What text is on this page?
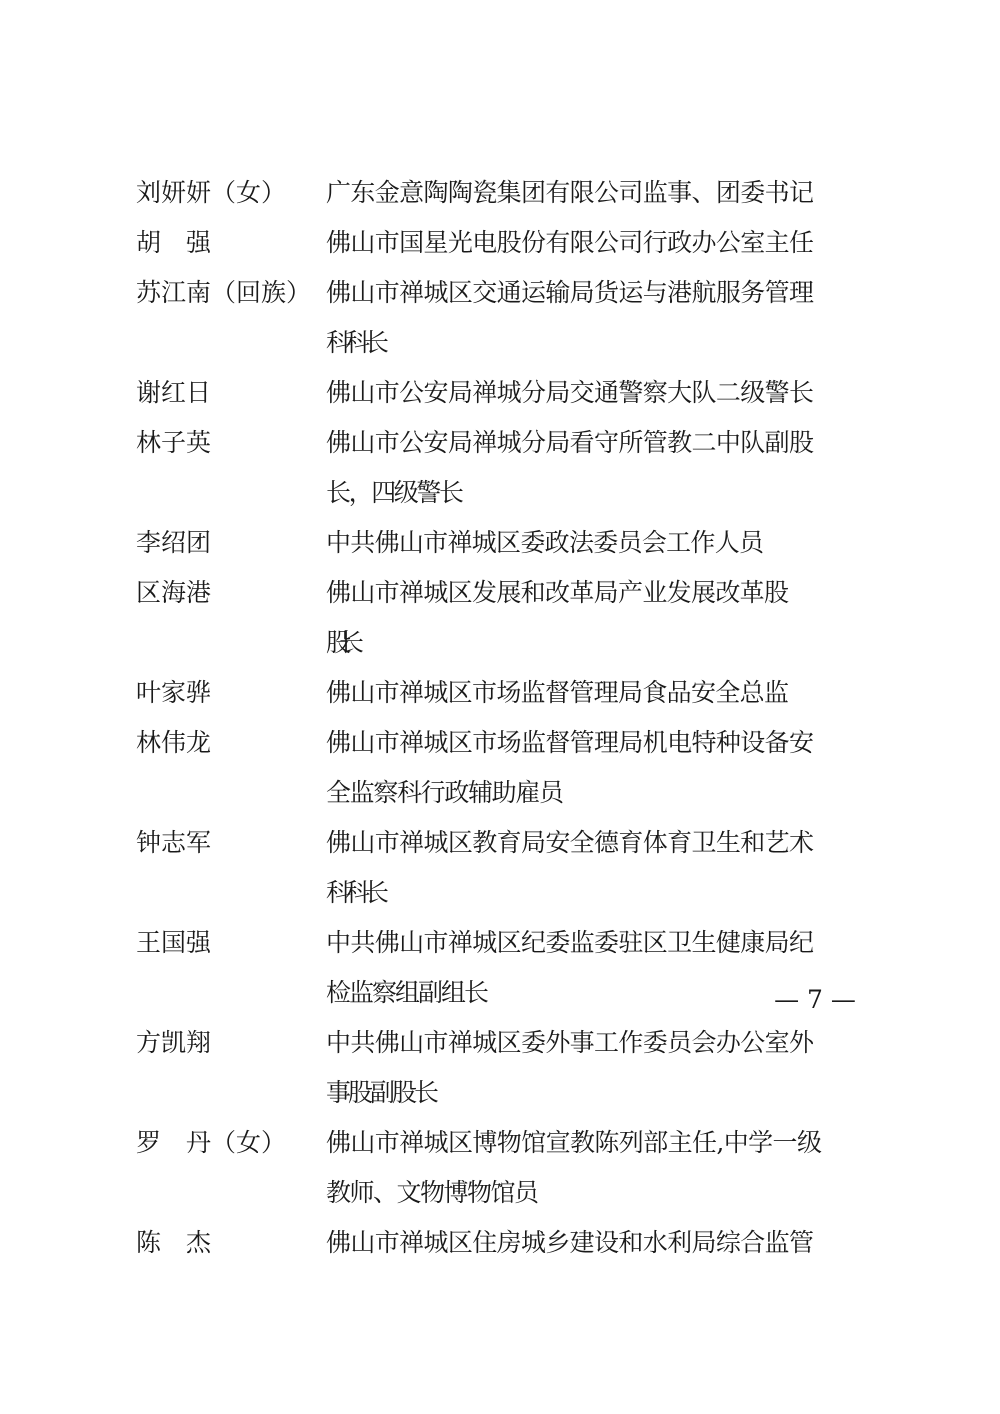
刘妍妍（女）	广东金意陶陶瓷集团有限公司监事、团委书记
胡　强	佛山市国星光电股份有限公司行政办公室主任
苏江南（回族） 佛山市禅城区交通运输局货运与港航服务管理
科科长
谢红日	佛山市公安局禅城分局交通警察大队二级警长
林子英	佛山市公安局禅城分局看守所管教二中队副股
长，四级警长
李绍团	中共佛山市禅城区委政法委员会工作人员
区海港	佛山市禅城区发展和改革局产业发展改革股
股长
叶家骅	佛山市禅城区市场监督管理局食品安全总监
林伟龙	佛山市禅城区市场监督管理局机电特种设备安
全监察科行政辅助雇员
钟志军	佛山市禅城区教育局安全德育体育卫生和艺术
科科长
王国强	中共佛山市禅城区纪委监委驻区卫生健康局纪
检监察组副组长
方凯翔	中共佛山市禅城区委外事工作委员会办公室外
事股副股长
罗　丹（女）	佛山市禅城区博物馆宣教陈列部主任,中学一级
教师、文物博物馆员
陈　杰	佛山市禅城区住房城乡建设和水利局综合监管
— 7 —
